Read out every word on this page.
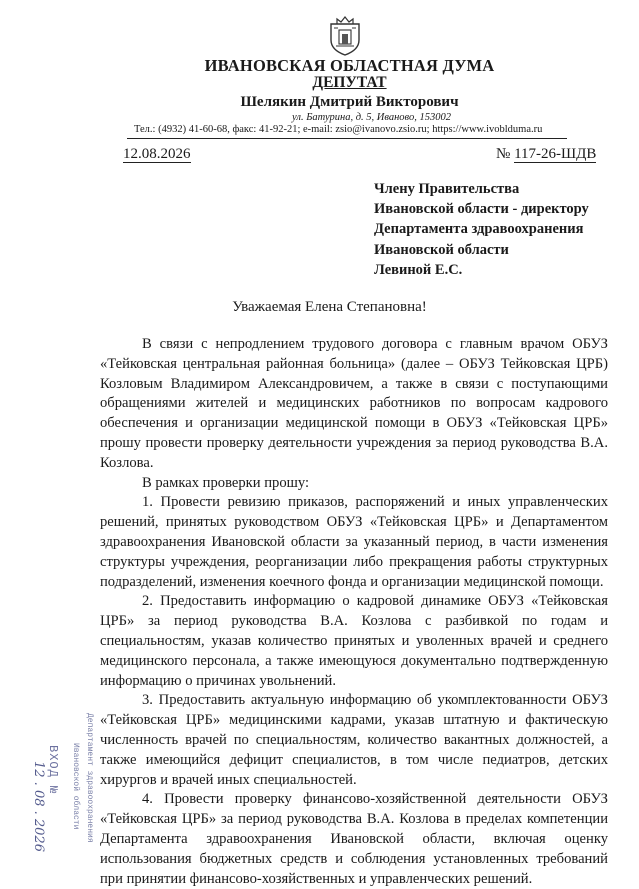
ИВАНОВСКАЯ ОБЛАСТНАЯ ДУМА
ДЕПУТАТ
Шелякин Дмитрий Викторович
ул. Батурина, д. 5, Иваново, 153002
Тел.: (4932) 41-60-68, факс: 41-92-21; e-mail: zsio@ivanovo.zsio.ru; https://www.ivoblduma.ru
12.08.2026	№ 117-26-ШДВ
Члену Правительства
Ивановской области - директору
Департамента здравоохранения
Ивановской области
Левиной Е.С.
Уважаемая Елена Степановна!

В связи с непродлением трудового договора с главным врачом ОБУЗ «Тейковская центральная районная больница» (далее – ОБУЗ Тейковская ЦРБ) Козловым Владимиром Александровичем, а также в связи с поступающими обращениями жителей и медицинских работников по вопросам кадрового обеспечения и организации медицинской помощи в ОБУЗ «Тейковская ЦРБ» прошу провести проверку деятельности учреждения за период руководства В.А. Козлова.

В рамках проверки прошу:

1. Провести ревизию приказов, распоряжений и иных управленческих решений, принятых руководством ОБУЗ «Тейковская ЦРБ» и Департаментом здравоохранения Ивановской области за указанный период, в части изменения структуры учреждения, реорганизации либо прекращения работы структурных подразделений, изменения коечного фонда и организации медицинской помощи.

2. Предоставить информацию о кадровой динамике ОБУЗ «Тейковская ЦРБ» за период руководства В.А. Козлова с разбивкой по годам и специальностям, указав количество принятых и уволенных врачей и среднего медицинского персонала, а также имеющуюся документально подтвержденную информацию о причинах увольнений.

3. Предоставить актуальную информацию об укомплектованности ОБУЗ «Тейковская ЦРБ» медицинскими кадрами, указав штатную и фактическую численность врачей по специальностям, количество вакантных должностей, а также имеющийся дефицит специалистов, в том числе педиатров, детских хирургов и врачей иных специальностей.

4. Провести проверку финансово-хозяйственной деятельности ОБУЗ «Тейковская ЦРБ» за период руководства В.А. Козлова в пределах компетенции Департамента здравоохранения Ивановской области, включая оценку использования бюджетных средств и соблюдения установленных требований при принятии финансово-хозяйственных и управленческих решений.

Департамент здравоохранения
Ивановской области
ВХОД №
12 . 08 . 2026
